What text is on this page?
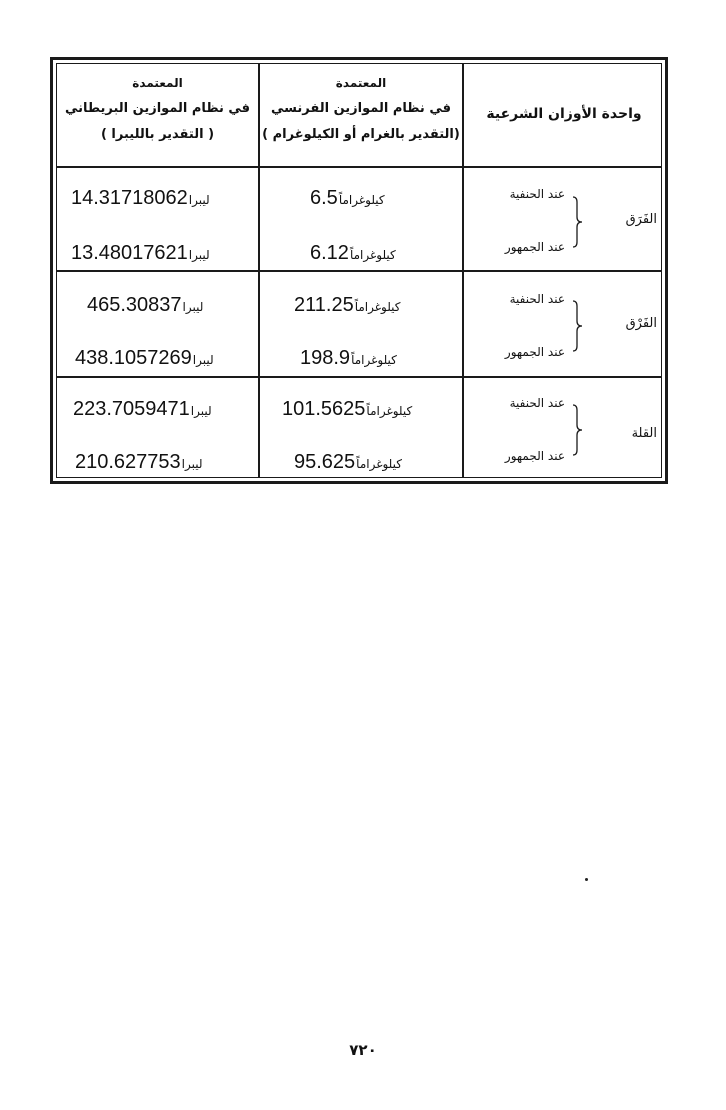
المعتمدة
في نظام الموازين البريطاني
( التقدير بالليبرا )
المعتمدة
في نظام الموازين الفرنسي
(التقدير بالغرام أو الكيلوغرام )
واحدة الأوزان الشرعية
14.31718062ليبرا
13.48017621ليبرا
6.5كيلوغراماً
6.12كيلوغراماً
عند الحنفية
عند الجمهور
الفَرَق
465.30837ليبرا
438.1057269ليبرا
211.25كيلوغراماً
198.9كيلوغراماً
عند الحنفية
عند الجمهور
الفَرْق
223.7059471ليبرا
210.627753ليبرا
101.5625كيلوغراماً
95.625كيلوغراماً
عند الحنفية
عند الجمهور
القلة
٧٢٠
